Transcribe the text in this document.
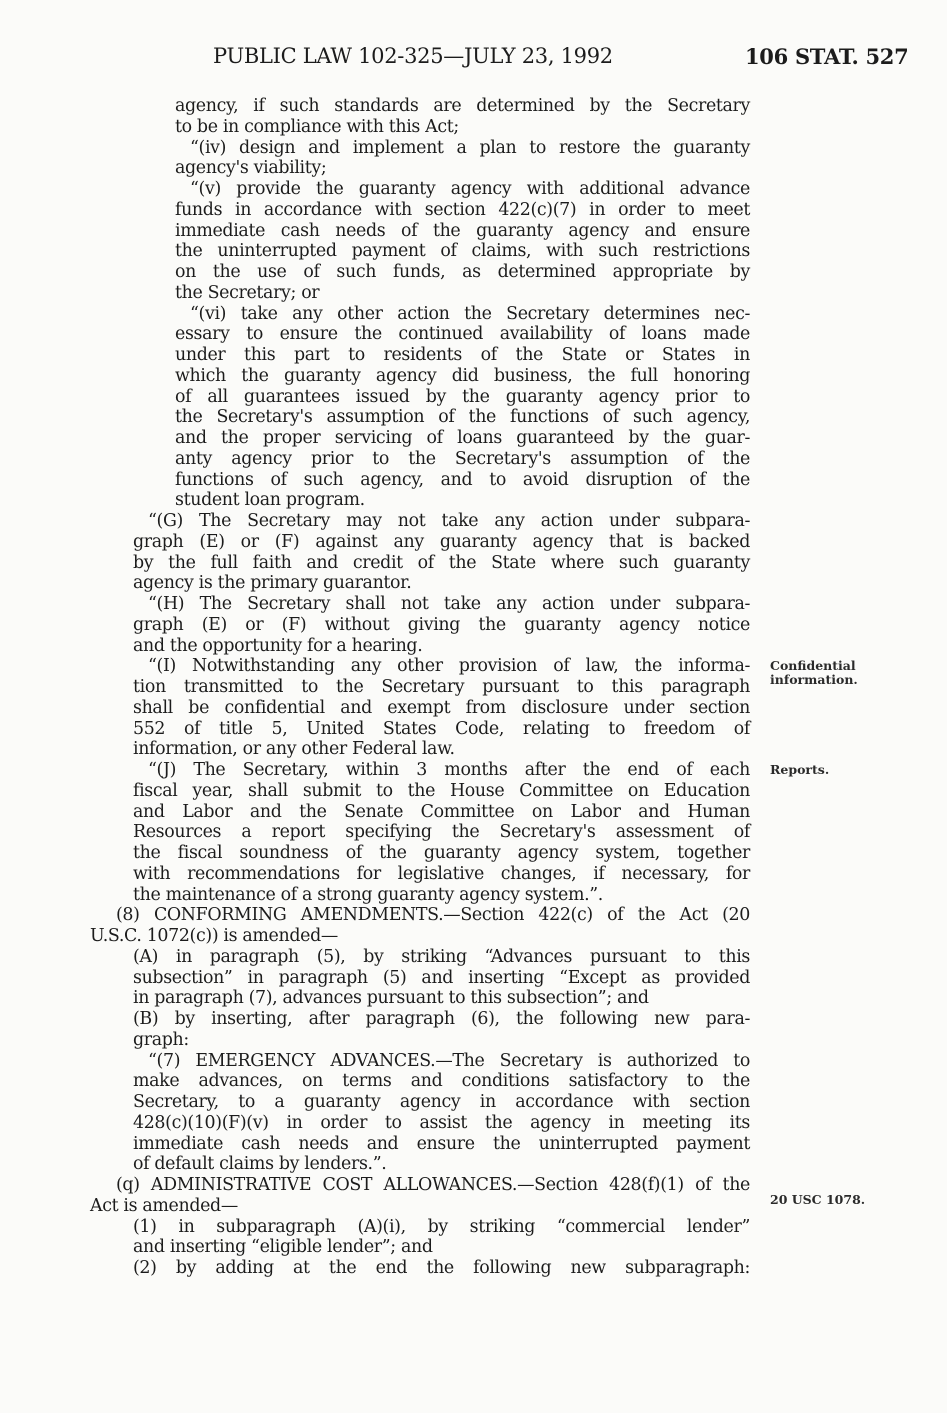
PUBLIC LAW 102-325—JULY 23, 1992	106 STAT. 527
agency, if such standards are determined by the Secretary
to be in compliance with this Act;
“(iv) design and implement a plan to restore the guaranty
agency's viability;
“(v) provide the guaranty agency with additional advance
funds in accordance with section 422(c)(7) in order to meet
immediate cash needs of the guaranty agency and ensure
the uninterrupted payment of claims, with such restrictions
on the use of such funds, as determined appropriate by
the Secretary; or
“(vi) take any other action the Secretary determines nec-
essary to ensure the continued availability of loans made
under this part to residents of the State or States in
which the guaranty agency did business, the full honoring
of all guarantees issued by the guaranty agency prior to
the Secretary's assumption of the functions of such agency,
and the proper servicing of loans guaranteed by the guar-
anty agency prior to the Secretary's assumption of the
functions of such agency, and to avoid disruption of the
student loan program.
“(G) The Secretary may not take any action under subpara-
graph (E) or (F) against any guaranty agency that is backed
by the full faith and credit of the State where such guaranty
agency is the primary guarantor.
“(H) The Secretary shall not take any action under subpara-
graph (E) or (F) without giving the guaranty agency notice
and the opportunity for a hearing.
“(I) Notwithstanding any other provision of law, the informa-
tion transmitted to the Secretary pursuant to this paragraph
shall be confidential and exempt from disclosure under section
552 of title 5, United States Code, relating to freedom of
information, or any other Federal law.
“(J) The Secretary, within 3 months after the end of each
fiscal year, shall submit to the House Committee on Education
and Labor and the Senate Committee on Labor and Human
Resources a report specifying the Secretary's assessment of
the fiscal soundness of the guaranty agency system, together
with recommendations for legislative changes, if necessary, for
the maintenance of a strong guaranty agency system.”.
(8) CONFORMING AMENDMENTS.—Section 422(c) of the Act (20
U.S.C. 1072(c)) is amended—
(A) in paragraph (5), by striking “Advances pursuant to this
subsection” in paragraph (5) and inserting “Except as provided
in paragraph (7), advances pursuant to this subsection”; and
(B) by inserting, after paragraph (6), the following new para-
graph:
“(7) EMERGENCY ADVANCES.—The Secretary is authorized to
make advances, on terms and conditions satisfactory to the
Secretary, to a guaranty agency in accordance with section
428(c)(10)(F)(v) in order to assist the agency in meeting its
immediate cash needs and ensure the uninterrupted payment
of default claims by lenders.”.
(q) ADMINISTRATIVE COST ALLOWANCES.—Section 428(f)(1) of the
Act is amended—
(1) in subparagraph (A)(i), by striking “commercial lender”
and inserting “eligible lender”; and
(2) by adding at the end the following new subparagraph:
Confidential
information.
Reports.
20 USC 1078.
